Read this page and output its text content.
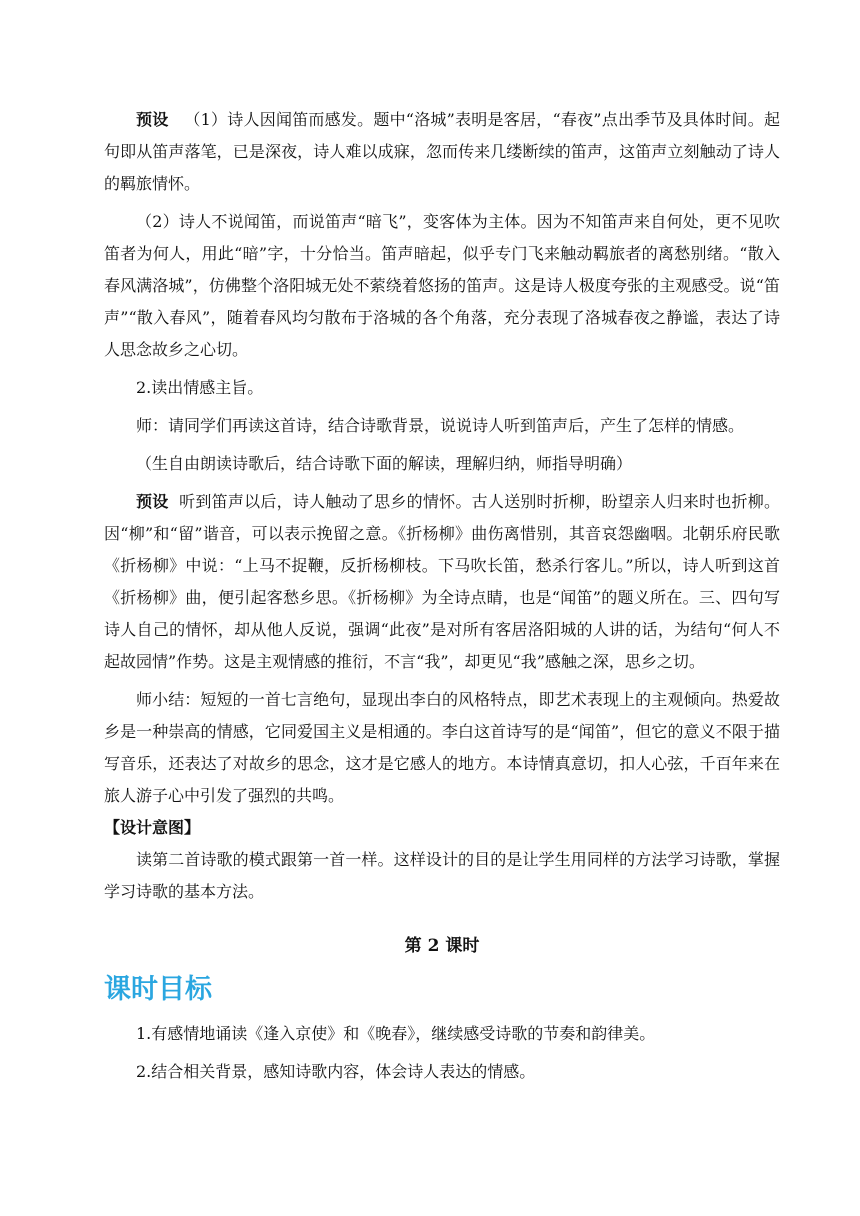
预设 （1）诗人因闻笛而感发。题中“洛城”表明是客居，“春夜”点出季节及具体时间。起句即从笛声落笔，已是深夜，诗人难以成寐，忽而传来几缕断续的笛声，这笛声立刻触动了诗人的羁旅情怀。

（2）诗人不说闻笛，而说笛声“暗飞”，变客体为主体。因为不知笛声来自何处，更不见吹笛者为何人，用此“暗”字，十分恰当。笛声暗起，似乎专门飞来触动羁旅者的离愁别绪。“散入春风满洛城”，仿佛整个洛阳城无处不萦绕着悠扬的笛声。这是诗人极度夸张的主观感受。说“笛声”“散入春风”，随着春风均匀散布于洛城的各个角落，充分表现了洛城春夜之静谧，表达了诗人思念故乡之心切。

2.读出情感主旨。

师：请同学们再读这首诗，结合诗歌背景，说说诗人听到笛声后，产生了怎样的情感。

（生自由朗读诗歌后，结合诗歌下面的解读，理解归纳，师指导明确）

预设 听到笛声以后，诗人触动了思乡的情怀。古人送别时折柳，盼望亲人归来时也折柳。因“柳”和“留”谐音，可以表示挽留之意。《折杨柳》曲伤离惜别，其音哀怨幽咽。北朝乐府民歌《折杨柳》中说：“上马不捉鞭，反折杨柳枝。下马吹长笛，愁杀行客儿。”所以，诗人听到这首《折杨柳》曲，便引起客愁乡思。《折杨柳》为全诗点睛，也是“闻笛”的题义所在。三、四句写诗人自己的情怀，却从他人反说，强调“此夜”是对所有客居洛阳城的人讲的话，为结句“何人不起故园情”作势。这是主观情感的推衍，不言“我”，却更见“我”感触之深，思乡之切。

师小结：短短的一首七言绝句，显现出李白的风格特点，即艺术表现上的主观倾向。热爱故乡是一种崇高的情感，它同爱国主义是相通的。李白这首诗写的是“闻笛”，但它的意义不限于描写音乐，还表达了对故乡的思念，这才是它感人的地方。本诗情真意切，扣人心弦，千百年来在旅人游子心中引发了强烈的共鸣。

【设计意图】

读第二首诗歌的模式跟第一首一样。这样设计的目的是让学生用同样的方法学习诗歌，掌握学习诗歌的基本方法。

第 2 课时

课时目标

1.有感情地诵读《逢入京使》和《晚春》，继续感受诗歌的节奏和韵律美。

2.结合相关背景，感知诗歌内容，体会诗人表达的情感。
